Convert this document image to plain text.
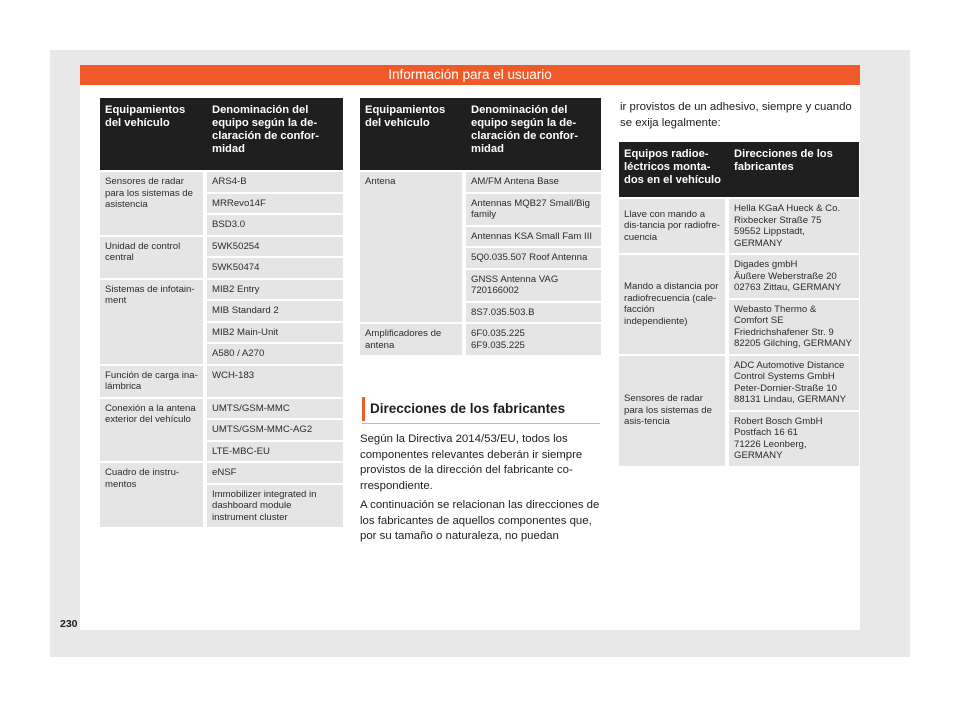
Información para el usuario
Equipamientos del vehículo	Denominación del equipo según la de-claración de confor-midad
Sensores de radar para los sistemas de asistencia	ARS4-B
	MRRevo14F
	BSD3.0
Unidad de control central	5WK50254
	5WK50474
Sistemas de infotain-ment	MIB2 Entry
	MIB Standard 2
	MIB2 Main-Unit
	A580 / A270
Función de carga ina-lámbrica	WCH-183
Conexión a la antena exterior del vehículo	UMTS/GSM-MMC
	UMTS/GSM-MMC-AG2
	LTE-MBC-EU
Cuadro de instru-mentos	eNSF
	Immobilizer integrated in dashboard module instrument cluster
Equipamientos del vehículo	Denominación del equipo según la de-claración de confor-midad
Antena	AM/FM Antena Base
	Antennas MQB27 Small/Big family
	Antennas KSA Small Fam III
	5Q0.035.507 Roof Antenna
	GNSS Antenna VAG 720166002
	8S7.035.503.B
Amplificadores de antena	6F0.035.225
6F9.035.225
Direcciones de los fabricantes

Según la Directiva 2014/53/EU, todos los componentes relevantes deberán ir siempre provistos de la dirección del fabricante co-rrespondiente.

A continuación se relacionan las direcciones de los fabricantes de aquellos componentes que, por su tamaño o naturaleza, no puedan

ir provistos de un adhesivo, siempre y cuando se exija legalmente:

Equipos radioe-léctricos monta-dos en el vehículo	Direcciones de los fabricantes
Llave con mando a dis-tancia por radiofre-cuencia	Hella KGaA Hueck & Co.
Rixbecker Straße 75
59552 Lippstadt,
GERMANY
Mando a distancia por radiofrecuencia (cale-facción independiente)	Digades gmbH
Äußere Weberstraße 20
02763 Zittau, GERMANY
	Webasto Thermo &
Comfort SE
Friedrichshafener Str. 9
82205 Gilching, GERMANY
Sensores de radar para los sistemas de asis-tencia	ADC Automotive Distance
Control Systems GmbH
Peter-Dornier-Straße 10
88131 Lindau, GERMANY
	Robert Bosch GmbH
Postfach 16 61
71226 Leonberg,
GERMANY
230
